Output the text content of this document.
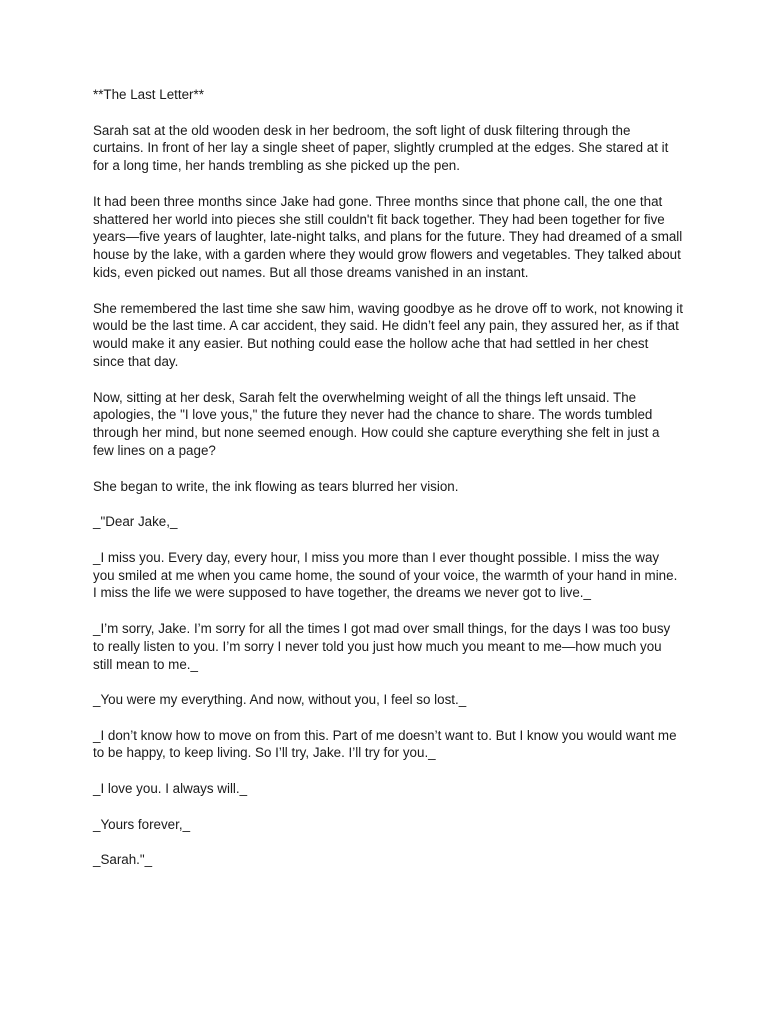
**The Last Letter**

Sarah sat at the old wooden desk in her bedroom, the soft light of dusk filtering through the curtains. In front of her lay a single sheet of paper, slightly crumpled at the edges. She stared at it for a long time, her hands trembling as she picked up the pen.

It had been three months since Jake had gone. Three months since that phone call, the one that shattered her world into pieces she still couldn't fit back together. They had been together for five years—five years of laughter, late-night talks, and plans for the future. They had dreamed of a small house by the lake, with a garden where they would grow flowers and vegetables. They talked about kids, even picked out names. But all those dreams vanished in an instant.

She remembered the last time she saw him, waving goodbye as he drove off to work, not knowing it would be the last time. A car accident, they said. He didn’t feel any pain, they assured her, as if that would make it any easier. But nothing could ease the hollow ache that had settled in her chest since that day.

Now, sitting at her desk, Sarah felt the overwhelming weight of all the things left unsaid. The apologies, the "I love yous," the future they never had the chance to share. The words tumbled through her mind, but none seemed enough. How could she capture everything she felt in just a few lines on a page?

She began to write, the ink flowing as tears blurred her vision.

_"Dear Jake,_

_I miss you. Every day, every hour, I miss you more than I ever thought possible. I miss the way you smiled at me when you came home, the sound of your voice, the warmth of your hand in mine. I miss the life we were supposed to have together, the dreams we never got to live._

_I’m sorry, Jake. I’m sorry for all the times I got mad over small things, for the days I was too busy to really listen to you. I’m sorry I never told you just how much you meant to me—how much you still mean to me._

_You were my everything. And now, without you, I feel so lost._

_I don’t know how to move on from this. Part of me doesn’t want to. But I know you would want me to be happy, to keep living. So I’ll try, Jake. I’ll try for you._

_I love you. I always will._

_Yours forever,_

_Sarah."_
